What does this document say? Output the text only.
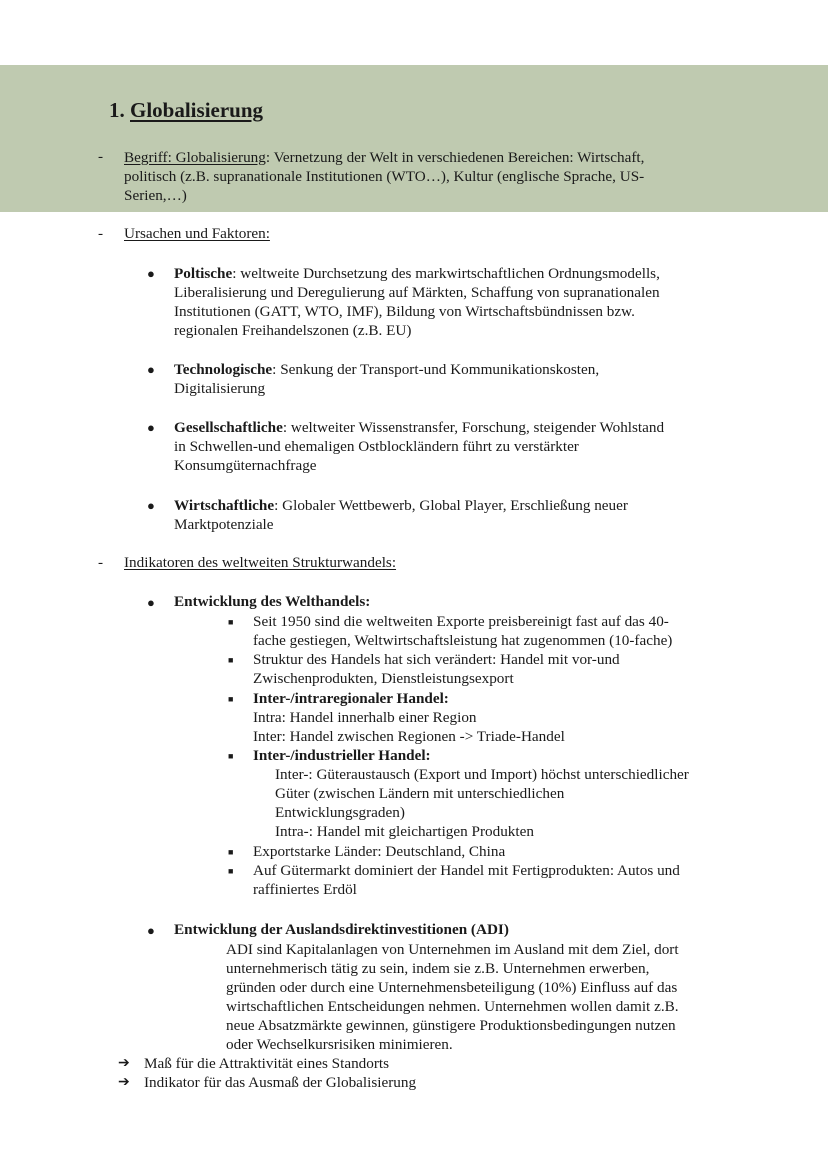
1. Globalisierung
- Begriff: Globalisierung: Vernetzung der Welt in verschiedenen Bereichen: Wirtschaft,
politisch (z.B. supranationale Institutionen (WTO…), Kultur (englische Sprache, US-
Serien,…)
- Ursachen und Faktoren:
● Poltische: weltweite Durchsetzung des markwirtschaftlichen Ordnungsmodells,
Liberalisierung und Deregulierung auf Märkten, Schaffung von supranationalen
Institutionen (GATT, WTO, IMF), Bildung von Wirtschaftsbündnissen bzw.
regionalen Freihandelszonen (z.B. EU)
● Technologische: Senkung der Transport-und Kommunikationskosten,
Digitalisierung
● Gesellschaftliche: weltweiter Wissenstransfer, Forschung, steigender Wohlstand
in Schwellen-und ehemaligen Ostblockländern führt zu verstärkter
Konsumgüternachfrage
● Wirtschaftliche: Globaler Wettbewerb, Global Player, Erschließung neuer
Marktpotenziale
- Indikatoren des weltweiten Strukturwandels:
● Entwicklung des Welthandels:
■ Seit 1950 sind die weltweiten Exporte preisbereinigt fast auf das 40-
fache gestiegen, Weltwirtschaftsleistung hat zugenommen (10-fache)
■ Struktur des Handels hat sich verändert: Handel mit vor-und
Zwischenprodukten, Dienstleistungsexport
■ Inter-/intraregionaler Handel:
Intra: Handel innerhalb einer Region
Inter: Handel zwischen Regionen -> Triade-Handel
■ Inter-/industrieller Handel:
Inter-: Güteraustausch (Export und Import) höchst unterschiedlicher
Güter (zwischen Ländern mit unterschiedlichen
Entwicklungsgraden)
Intra-: Handel mit gleichartigen Produkten
■ Exportstarke Länder: Deutschland, China
■ Auf Gütermarkt dominiert der Handel mit Fertigprodukten: Autos und
raffiniertes Erdöl
● Entwicklung der Auslandsdirektinvestitionen (ADI)
ADI sind Kapitalanlagen von Unternehmen im Ausland mit dem Ziel, dort
unternehmerisch tätig zu sein, indem sie z.B. Unternehmen erwerben,
gründen oder durch eine Unternehmensbeteiligung (10%) Einfluss auf das
wirtschaftlichen Entscheidungen nehmen. Unternehmen wollen damit z.B.
neue Absatzmärkte gewinnen, günstigere Produktionsbedingungen nutzen
oder Wechselkursrisiken minimieren.
➔ Maß für die Attraktivität eines Standorts
➔ Indikator für das Ausmaß der Globalisierung
